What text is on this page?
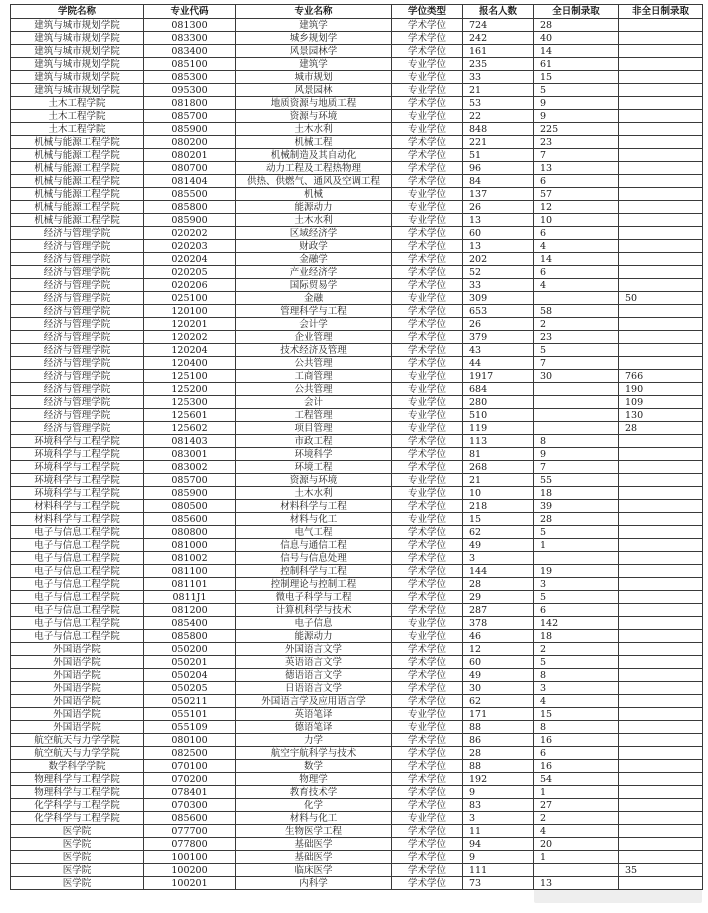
学院名称	专业代码	专业名称	学位类型	报名人数	全日制录取	非全日制录取
建筑与城市规划学院	081300	建筑学	学术学位	724	28	
建筑与城市规划学院	083300	城乡规划学	学术学位	242	40	
建筑与城市规划学院	083400	风景园林学	学术学位	161	14	
建筑与城市规划学院	085100	建筑学	专业学位	235	61	
建筑与城市规划学院	085300	城市规划	专业学位	33	15	
建筑与城市规划学院	095300	风景园林	专业学位	21	5	
土木工程学院	081800	地质资源与地质工程	学术学位	53	9	
土木工程学院	085700	资源与环境	专业学位	22	9	
土木工程学院	085900	土木水利	专业学位	848	225	
机械与能源工程学院	080200	机械工程	学术学位	221	23	
机械与能源工程学院	080201	机械制造及其自动化	学术学位	51	7	
机械与能源工程学院	080700	动力工程及工程热物理	学术学位	96	13	
机械与能源工程学院	081404	供热、供燃气、通风及空调工程	学术学位	84	6	
机械与能源工程学院	085500	机械	专业学位	137	57	
机械与能源工程学院	085800	能源动力	专业学位	26	12	
机械与能源工程学院	085900	土木水利	专业学位	13	10	
经济与管理学院	020202	区域经济学	学术学位	60	6	
经济与管理学院	020203	财政学	学术学位	13	4	
经济与管理学院	020204	金融学	学术学位	202	14	
经济与管理学院	020205	产业经济学	学术学位	52	6	
经济与管理学院	020206	国际贸易学	学术学位	33	4	
经济与管理学院	025100	金融	专业学位	309		50
经济与管理学院	120100	管理科学与工程	学术学位	653	58	
经济与管理学院	120201	会计学	学术学位	26	2	
经济与管理学院	120202	企业管理	学术学位	379	23	
经济与管理学院	120204	技术经济及管理	学术学位	43	5	
经济与管理学院	120400	公共管理	学术学位	44	7	
经济与管理学院	125100	工商管理	专业学位	1917	30	766
经济与管理学院	125200	公共管理	专业学位	684		190
经济与管理学院	125300	会计	专业学位	280		109
经济与管理学院	125601	工程管理	专业学位	510		130
经济与管理学院	125602	项目管理	专业学位	119		28
环境科学与工程学院	081403	市政工程	学术学位	113	8	
环境科学与工程学院	083001	环境科学	学术学位	81	9	
环境科学与工程学院	083002	环境工程	学术学位	268	7	
环境科学与工程学院	085700	资源与环境	专业学位	21	55	
环境科学与工程学院	085900	土木水利	专业学位	10	18	
材料科学与工程学院	080500	材料科学与工程	学术学位	218	39	
材料科学与工程学院	085600	材料与化工	专业学位	15	28	
电子与信息工程学院	080800	电气工程	学术学位	62	5	
电子与信息工程学院	081000	信息与通信工程	学术学位	49	1	
电子与信息工程学院	081002	信号与信息处理	学术学位	3		
电子与信息工程学院	081100	控制科学与工程	学术学位	144	19	
电子与信息工程学院	081101	控制理论与控制工程	学术学位	28	3	
电子与信息工程学院	0811J1	微电子科学与工程	学术学位	29	5	
电子与信息工程学院	081200	计算机科学与技术	学术学位	287	6	
电子与信息工程学院	085400	电子信息	专业学位	378	142	
电子与信息工程学院	085800	能源动力	专业学位	46	18	
外国语学院	050200	外国语言文学	学术学位	12	2	
外国语学院	050201	英语语言文学	学术学位	60	5	
外国语学院	050204	德语语言文学	学术学位	49	8	
外国语学院	050205	日语语言文学	学术学位	30	3	
外国语学院	050211	外国语言学及应用语言学	学术学位	62	4	
外国语学院	055101	英语笔译	专业学位	171	15	
外国语学院	055109	德语笔译	专业学位	88	8	
航空航天与力学学院	080100	力学	学术学位	86	16	
航空航天与力学学院	082500	航空宇航科学与技术	学术学位	28	6	
数学科学学院	070100	数学	学术学位	88	16	
物理科学与工程学院	070200	物理学	学术学位	192	54	
物理科学与工程学院	078401	教育技术学	学术学位	9	1	
化学科学与工程学院	070300	化学	学术学位	83	27	
化学科学与工程学院	085600	材料与化工	专业学位	3	2	
医学院	077700	生物医学工程	学术学位	11	4	
医学院	077800	基础医学	学术学位	94	20	
医学院	100100	基础医学	学术学位	9	1	
医学院	100200	临床医学	学术学位	111		35
医学院	100201	内科学	学术学位	73	13	
